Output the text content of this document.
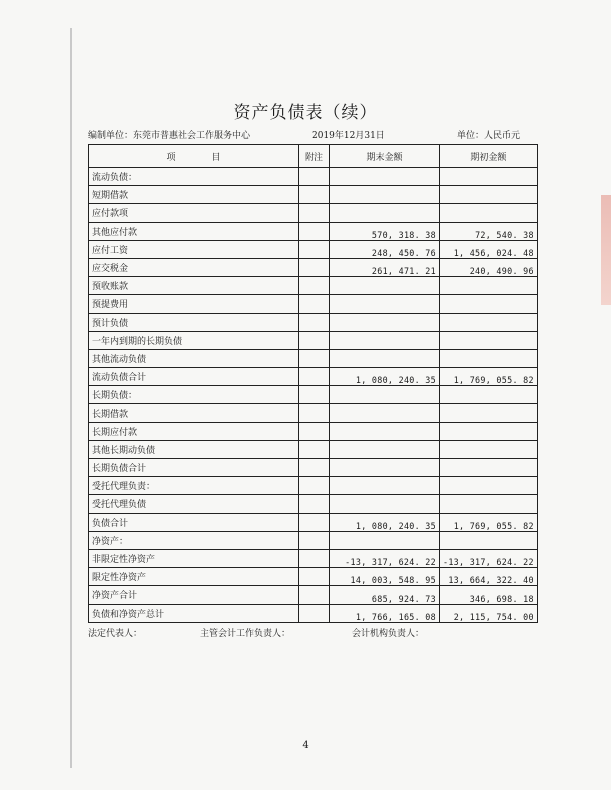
资产负债表（续）
编制单位：东莞市普惠社会工作服务中心	2019年12月31日	单位：人民币元
项　　　　目	附注	期末金额	期初金额
流动负债：			
短期借款			
应付款项			
其他应付款		570, 318. 38	72, 540. 38
应付工资		248, 450. 76	1, 456, 024. 48
应交税金		261, 471. 21	240, 490. 96
预收账款			
预提费用			
预计负债			
一年内到期的长期负债			
其他流动负债			
流动负债合计		1, 080, 240. 35	1, 769, 055. 82
长期负债：			
长期借款			
长期应付款			
其他长期动负债			
长期负债合计			
受托代理负责：			
受托代理负债			
负债合计		1, 080, 240. 35	1, 769, 055. 82
净资产：			
非限定性净资产		-13, 317, 624. 22	-13, 317, 624. 22
限定性净资产		14, 003, 548. 95	13, 664, 322. 40
净资产合计		685, 924. 73	346, 698. 18
负债和净资产总计		1, 766, 165. 08	2, 115, 754. 00
法定代表人：	主管会计工作负责人：	会计机构负责人：
4
